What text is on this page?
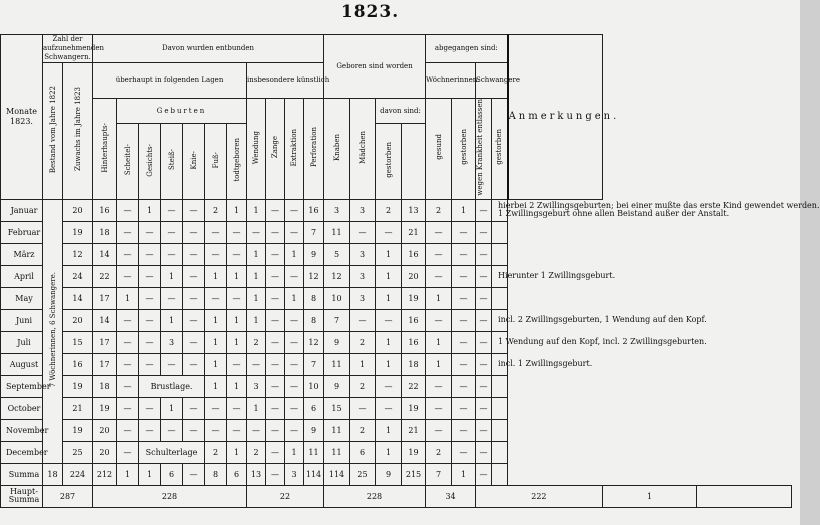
1823.
Monate
1823.	Zahl der aufzunehmenden Schwangern.		Davon wurden entbunden											Geboren sind worden				abgegangen sind:				Anmerkungen.		
	Bestand vom Jahre 1822	Zuwachs im Jahre 1823	überhaupt in folgenden Lagen							insbesondere künstlich								Wöchnerinnen.		Schwangere				
			Hinterhaupts-	Geburten						Wendung	Zange	Extraktion	Perforation	Knaben	Mädchen	davon sind:		gesund	gestorben	wegen Krankheit entlassen	gestorben			
				Scheitel-	Gesichts-	Steiß-	Knie-	Fuß-	todtgeboren							gestorben								
Januar	7 Wöchnerinnen, 6 Schwangere.	20	16	—	1	—	—	2	1	1	—	—	16	3	3	2	13	2	1	—	hierbei 2 Zwillingsgeburten; bei einer mußte das erste Kind gewendet werden.
1 Zwillingsgeburt ohne allen Beistand außer der Anstalt.			

Februar		19	18	—	—	—	—	—	—	—	—	—	7	11	—	—	21	—	—	—				
März		12	14	—	—	—	—	—	—	1	—	1	9	5	3	1	16	—	—	—				
April		24	22	—	—	1	—	1	1	1	—	—	12	12	3	1	20	—	—	—	Hierunter 1 Zwillingsgeburt.			

May		14	17	1	—	—	—	—	—	1	—	1	8	10	3	1	19	1	—	—				
Juni		20	14	—	—	1	—	1	1	1	—	—	8	7	—	—	16	—	—	—	incl. 2 Zwillingsgeburten, 1 Wendung auf den Kopf.			

Juli		15	17	—	—	3	—	1	1	2	—	—	12	9	2	1	16	1	—	—	1 Wendung auf den Kopf, incl. 2 Zwillingsgeburten.			

August		16	17	—	—	—	—	1	—	—	—	—	7	11	1	1	18	1	—	—	incl. 1 Zwillingsgeburt.			

September		19	18	—	Brustlage.			1	1	3	—	—	10	9	2	—	22	—	—	—				
October		21	19	—	—	1	—	—	—	1	—	—	6	15	—	—	19	—	—	—				
November		19	20	—	—	—	—	—	—	—	—	—	9	11	2	1	21	—	—	—				
December		25	20	—	Schulterlage			2	1	2	—	1	11	11	6	1	19	2	—	—				
Summa	18	224	212	1	1	6	—	8	6	13	—	3	114	114	25	9	215	7	1	—				
Haupt-Summa	287		228							22				228				34		222			1	
